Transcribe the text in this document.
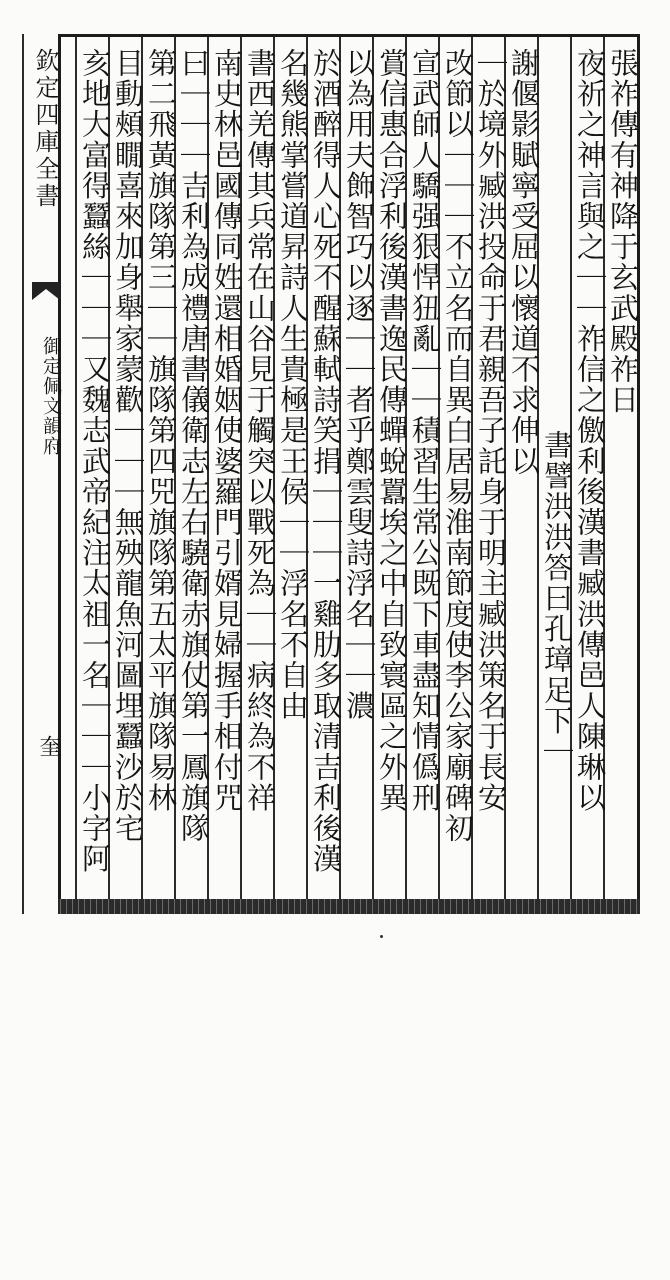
欽定四庫全書
御定佩文韻府
奎
張祚傳有神降于玄武殿祚日
夜祈之神言與之｜｜祚信之儌利後漢書臧洪傳邑人陳琳以
書譬洪洪答曰孔璋足下｜
謝偃影賦寧受屈以懷道不求伸以
｜於境外臧洪投命于君親吾子託身于明主臧洪策名于長安
改節以｜｜｜不立名而自異白居易淮南節度使李公家廟碑初
宣武師人驕强狠悍狃亂｜｜積習生常公既下車盡知情僞刑
賞信惠合浮利後漢書逸民傳蟬蛻囂埃之中自致寰區之外異
以為用夫飾智巧以逐｜｜者乎鄭雲叟詩浮名｜｜濃
於酒醉得人心死不醒蘇軾詩笑捐｜｜｜一雞肋多取清吉利後漢
名幾熊掌嘗道昇詩人生貴極是王侯｜｜浮名不自由
書西羌傳其兵常在山谷見于觸突以戰死為｜｜病終為不祥
南史林邑國傳同姓還相婚姻使婆羅門引婿見婦握手相付咒
曰｜｜｜吉利為成禮唐書儀衛志左右驍衛赤旗仗第一鳳旗隊
第二飛黃旗隊第三｜｜旗隊第四兕旗隊第五太平旗隊易林
目動頰瞯喜來加身舉家蒙歡｜｜｜無殃龍魚河圖埋蠶沙於宅
亥地大富得蠶絲｜｜｜又魏志武帝紀注太祖一名｜｜｜小字阿
